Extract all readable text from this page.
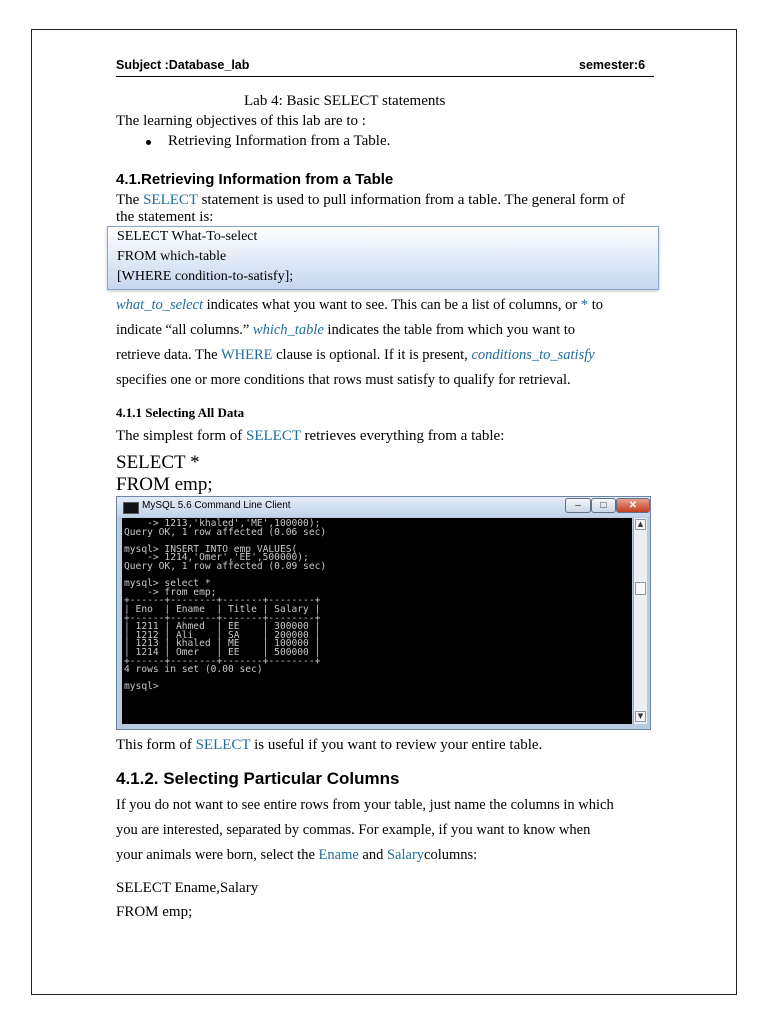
Subject :Database_lab	semester:6
Lab 4: Basic SELECT statements
The learning objectives of this lab are to :
Retrieving Information from a Table.
4.1.Retrieving Information from a Table
The SELECT statement is used to pull information from a table. The general form of
the statement is:
SELECT What-To-select
FROM which-table
[WHERE condition-to-satisfy];
what_to_select indicates what you want to see. This can be a list of columns, or * to
indicate “all columns.” which_table indicates the table from which you want to
retrieve data. The WHERE clause is optional. If it is present, conditions_to_satisfy
specifies one or more conditions that rows must satisfy to qualify for retrieval.
4.1.1 Selecting All Data
The simplest form of SELECT retrieves everything from a table:
SELECT *
FROM emp;
MySQL 5.6 Command Line Client	–	□	✕
-> 1213,'khaled','ME',100000);
Query OK, 1 row affected (0.06 sec)

mysql> INSERT INTO emp VALUES(
-> 1214,'Omer','EE',500000);
Query OK, 1 row affected (0.09 sec)

mysql> select *
-> from emp;
+------+--------+-------+--------+
| Eno  | Ename  | Title | Salary |
+------+--------+-------+--------+
| 1211 | Ahmed  | EE    | 300000 |
| 1212 | Ali    | SA    | 200000 |
| 1213 | khaled | ME    | 100000 |
| 1214 | Omer   | EE    | 500000 |
+------+--------+-------+--------+
4 rows in set (0.00 sec)

mysql>
▲
▼
This form of SELECT is useful if you want to review your entire table.
4.1.2. Selecting Particular Columns
If you do not want to see entire rows from your table, just name the columns in which
you are interested, separated by commas. For example, if you want to know when
your animals were born, select the Ename and Salarycolumns:
SELECT Ename,Salary
FROM emp;
